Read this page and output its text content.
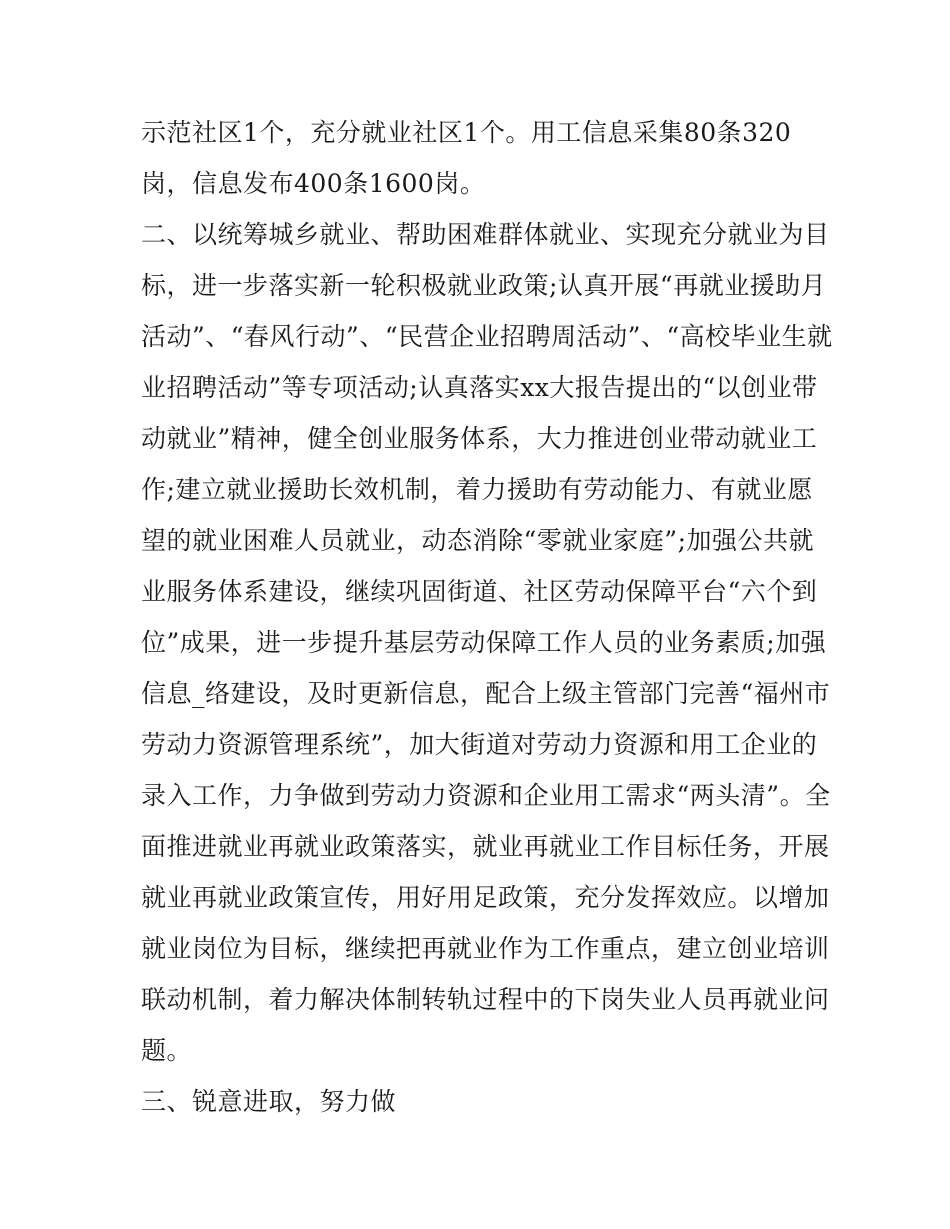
示范社区1个，充分就业社区1个。用工信息采集80条320
岗，信息发布400条1600岗。
二、以统筹城乡就业、帮助困难群体就业、实现充分就业为目
标，进一步落实新一轮积极就业政策;认真开展“再就业援助月
活动”、“春风行动”、“民营企业招聘周活动”、“高校毕业生就
业招聘活动”等专项活动;认真落实xx大报告提出的“以创业带
动就业”精神，健全创业服务体系，大力推进创业带动就业工
作;建立就业援助长效机制，着力援助有劳动能力、有就业愿
望的就业困难人员就业，动态消除“零就业家庭”;加强公共就
业服务体系建设，继续巩固街道、社区劳动保障平台“六个到
位”成果，进一步提升基层劳动保障工作人员的业务素质;加强
信息_络建设，及时更新信息，配合上级主管部门完善“福州市
劳动力资源管理系统”，加大街道对劳动力资源和用工企业的
录入工作，力争做到劳动力资源和企业用工需求“两头清”。全
面推进就业再就业政策落实，就业再就业工作目标任务，开展
就业再就业政策宣传，用好用足政策，充分发挥效应。以增加
就业岗位为目标，继续把再就业作为工作重点，建立创业培训
联动机制，着力解决体制转轨过程中的下岗失业人员再就业问
题。
三、锐意进取，努力做
